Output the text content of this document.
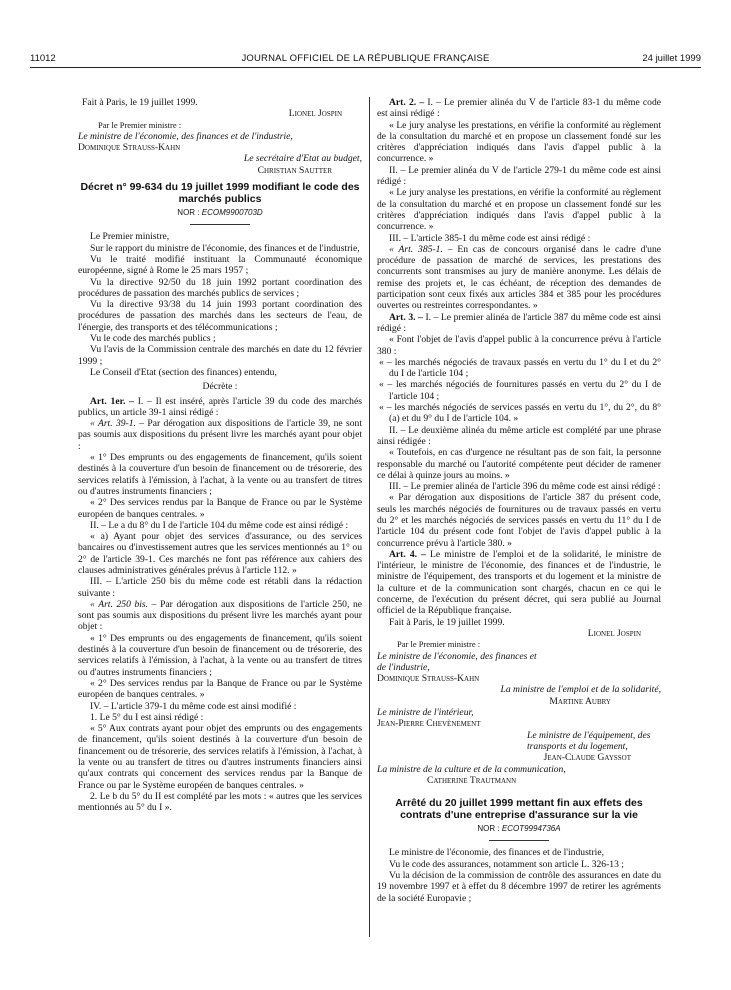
11012	JOURNAL OFFICIEL DE LA RÉPUBLIQUE FRANÇAISE	24 juillet 1999

Fait à Paris, le 19 juillet 1999.

Lionel Jospin

Par le Premier ministre :

Le ministre de l'économie, des finances et de l'industrie,

Dominique Strauss-Kahn

Le secrétaire d'Etat au budget,

Christian Sautter

Décret n° 99-634 du 19 juillet 1999 modifiant le code des marchés publics
NOR : ECOM9900703D

Le Premier ministre,

Sur le rapport du ministre de l'économie, des finances et de l'industrie,

Vu le traité modifié instituant la Communauté économique européenne, signé à Rome le 25 mars 1957 ;

Vu la directive 92/50 du 18 juin 1992 portant coordination des procédures de passation des marchés publics de services ;

Vu la directive 93/38 du 14 juin 1993 portant coordination des procédures de passation des marchés dans les secteurs de l'eau, de l'énergie, des transports et des télécommunications ;

Vu le code des marchés publics ;

Vu l'avis de la Commission centrale des marchés en date du 12 février 1999 ;

Le Conseil d'Etat (section des finances) entendu,

Décrète :

Art. 1er. – I. – Il est inséré, après l'article 39 du code des marchés publics, un article 39-1 ainsi rédigé :

« Art. 39-1. – Par dérogation aux dispositions de l'article 39, ne sont pas soumis aux dispositions du présent livre les marchés ayant pour objet :

« 1° Des emprunts ou des engagements de financement, qu'ils soient destinés à la couverture d'un besoin de financement ou de trésorerie, des services relatifs à l'émission, à l'achat, à la vente ou au transfert de titres ou d'autres instruments financiers ;

« 2° Des services rendus par la Banque de France ou par le Système européen de banques centrales. »

II. – Le a du 8° du I de l'article 104 du même code est ainsi rédigé :

« a) Ayant pour objet des services d'assurance, ou des services bancaires ou d'investissement autres que les services mentionnés au 1° ou 2° de l'article 39-1. Ces marchés ne font pas référence aux cahiers des clauses administratives générales prévus à l'article 112. »

III. – L'article 250 bis du même code est rétabli dans la rédaction suivante :

« Art. 250 bis. – Par dérogation aux dispositions de l'article 250, ne sont pas soumis aux dispositions du présent livre les marchés ayant pour objet :

« 1° Des emprunts ou des engagements de financement, qu'ils soient destinés à la couverture d'un besoin de financement ou de trésorerie, des services relatifs à l'émission, à l'achat, à la vente ou au transfert de titres ou d'autres instruments financiers ;

« 2° Des services rendus par la Banque de France ou par le Système européen de banques centrales. »

IV. – L'article 379-1 du même code est ainsi modifié :

1. Le 5° du I est ainsi rédigé :

« 5° Aux contrats ayant pour objet des emprunts ou des engagements de financement, qu'ils soient destinés à la couverture d'un besoin de financement ou de trésorerie, des services relatifs à l'émission, à l'achat, à la vente ou au transfert de titres ou d'autres instruments financiers ainsi qu'aux contrats qui concernent des services rendus par la Banque de France ou par le Système européen de banques centrales. »

2. Le b du 5° du II est complété par les mots : « autres que les services mentionnés au 5° du I ».

Art. 2. – I. – Le premier alinéa du V de l'article 83-1 du même code est ainsi rédigé :

« Le jury analyse les prestations, en vérifie la conformité au règlement de la consultation du marché et en propose un classement fondé sur les critères d'appréciation indiqués dans l'avis d'appel public à la concurrence. »

II. – Le premier alinéa du V de l'article 279-1 du même code est ainsi rédigé :

« Le jury analyse les prestations, en vérifie la conformité au règlement de la consultation du marché et en propose un classement fondé sur les critères d'appréciation indiqués dans l'avis d'appel public à la concurrence. »

III. – L'article 385-1 du même code est ainsi rédigé :

« Art. 385-1. – En cas de concours organisé dans le cadre d'une procédure de passation de marché de services, les prestations des concurrents sont transmises au jury de manière anonyme. Les délais de remise des projets et, le cas échéant, de réception des demandes de participation sont ceux fixés aux articles 384 et 385 pour les procédures ouvertes ou restreintes correspondantes. »

Art. 3. – I. – Le premier alinéa de l'article 387 du même code est ainsi rédigé :

« Font l'objet de l'avis d'appel public à la concurrence prévu à l'article 380 :

« – les marchés négociés de travaux passés en vertu du 1° du I et du 2° du I de l'article 104 ;

« – les marchés négociés de fournitures passés en vertu du 2° du I de l'article 104 ;

« – les marchés négociés de services passés en vertu du 1°, du 2°, du 8° (a) et du 9° du I de l'article 104. »

II. – Le deuxième alinéa du même article est complété par une phrase ainsi rédigée :

« Toutefois, en cas d'urgence ne résultant pas de son fait, la personne responsable du marché ou l'autorité compétente peut décider de ramener ce délai à quinze jours au moins. »

III. – Le premier alinéa de l'article 396 du même code est ainsi rédigé :

« Par dérogation aux dispositions de l'article 387 du présent code, seuls les marchés négociés de fournitures ou de travaux passés en vertu du 2° et les marchés négociés de services passés en vertu du 11° du I de l'article 104 du présent code font l'objet de l'avis d'appel public à la concurrence prévu à l'article 380. »

Art. 4. – Le ministre de l'emploi et de la solidarité, le ministre de l'intérieur, le ministre de l'économie, des finances et de l'industrie, le ministre de l'équipement, des transports et du logement et la ministre de la culture et de la communication sont chargés, chacun en ce qui le concerne, de l'exécution du présent décret, qui sera publié au Journal officiel de la République française.

Fait à Paris, le 19 juillet 1999.

Lionel Jospin

Par le Premier ministre :

Le ministre de l'économie, des finances et de l'industrie,

Dominique Strauss-Kahn

La ministre de l'emploi et de la solidarité,

Martine Aubry

Le ministre de l'intérieur,

Jean-Pierre Chevènement

Le ministre de l'équipement, des transports et du logement,

Jean-Claude Gayssot

La ministre de la culture et de la communication,

Catherine Trautmann

Arrêté du 20 juillet 1999 mettant fin aux effets des contrats d'une entreprise d'assurance sur la vie
NOR : ECOT9994736A

Le ministre de l'économie, des finances et de l'industrie,

Vu le code des assurances, notamment son article L. 326-13 ;

Vu la décision de la commission de contrôle des assurances en date du 19 novembre 1997 et à effet du 8 décembre 1997 de retirer les agréments de la société Europavie ;
